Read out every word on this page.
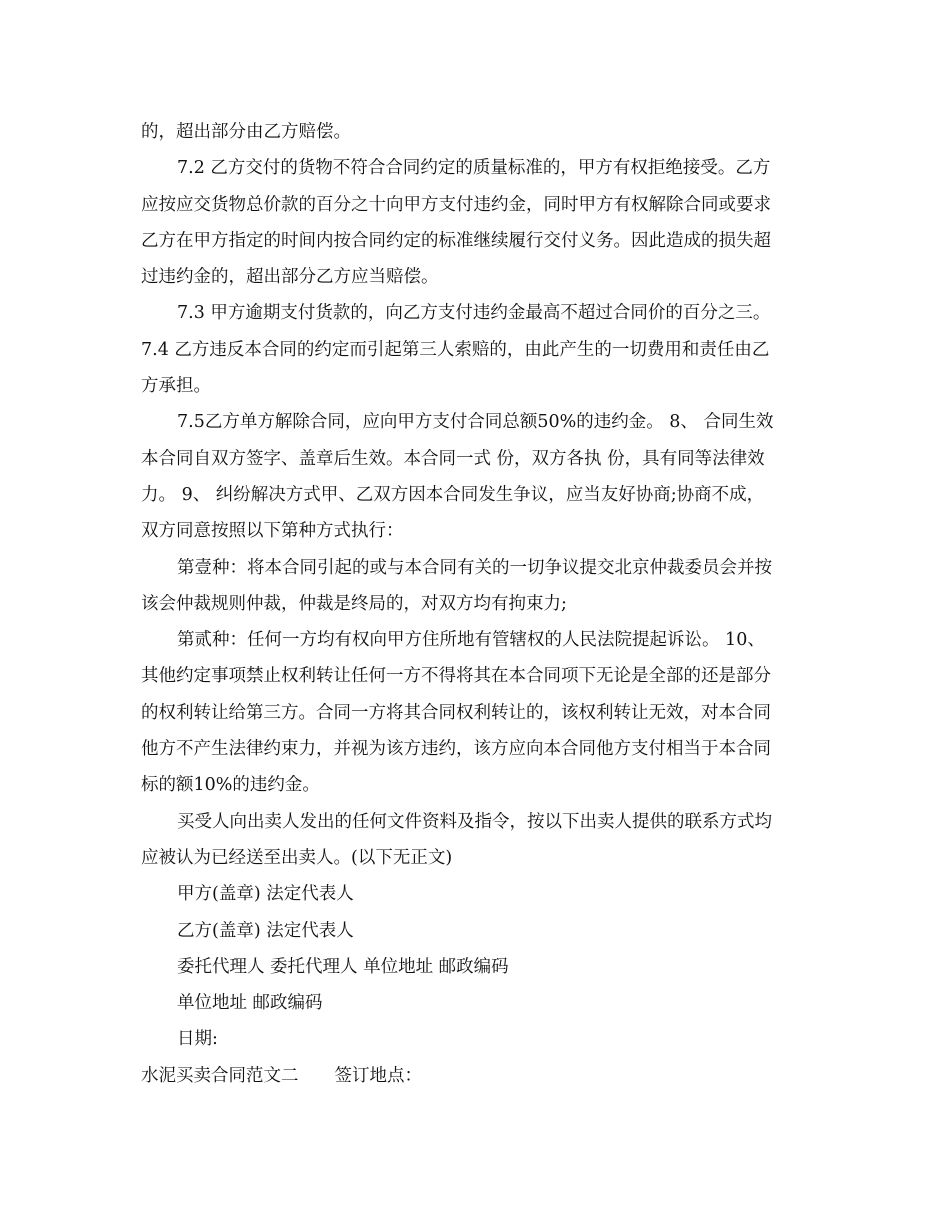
的，超出部分由乙方赔偿。

7.2 乙方交付的货物不符合合同约定的质量标准的，甲方有权拒绝接受。乙方

应按应交货物总价款的百分之十向甲方支付违约金，同时甲方有权解除合同或要求

乙方在甲方指定的时间内按合同约定的标准继续履行交付义务。因此造成的损失超

过违约金的，超出部分乙方应当赔偿。

7.3 甲方逾期支付货款的，向乙方支付违约金最高不超过合同价的百分之三。

7.4 乙方违反本合同的约定而引起第三人索赔的，由此产生的一切费用和责任由乙

方承担。

7.5乙方单方解除合同，应向甲方支付合同总额50%的违约金。 8、 合同生效

本合同自双方签字、盖章后生效。本合同一式 份，双方各执 份，具有同等法律效

力。 9、 纠纷解决方式甲、乙双方因本合同发生争议，应当友好协商;协商不成，

双方同意按照以下第种方式执行：

第壹种：将本合同引起的或与本合同有关的一切争议提交北京仲裁委员会并按

该会仲裁规则仲裁，仲裁是终局的，对双方均有拘束力;

第贰种：任何一方均有权向甲方住所地有管辖权的人民法院提起诉讼。 10、

其他约定事项禁止权利转让任何一方不得将其在本合同项下无论是全部的还是部分

的权利转让给第三方。合同一方将其合同权利转让的，该权利转让无效，对本合同

他方不产生法律约束力，并视为该方违约，该方应向本合同他方支付相当于本合同

标的额10%的违约金。

买受人向出卖人发出的任何文件资料及指令，按以下出卖人提供的联系方式均

应被认为已经送至出卖人。(以下无正文)

甲方(盖章) 法定代表人

乙方(盖章) 法定代表人

委托代理人 委托代理人 单位地址 邮政编码

单位地址 邮政编码

日期:

水泥买卖合同范文二 签订地点：
